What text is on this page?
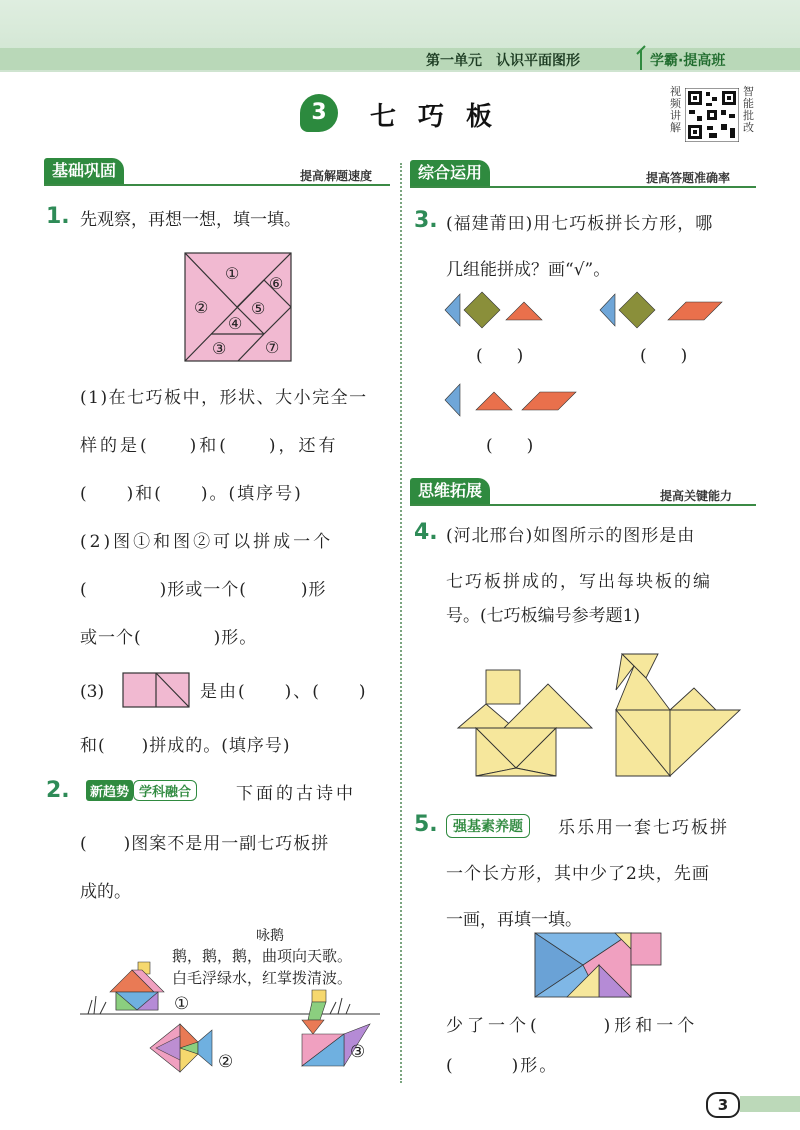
第一单元　认识平面图形	学霸·提高班
3	七巧板
视频讲解
智能批改
基础巩固	提高解题速度
1. 先观察，再想一想，填一填。
①
②
③
④
⑤
⑥
⑦
(1)在七巧板中，形状、大小完全一
样的是(　　)和(　　)，还有
(　　)和(　　)。(填序号)
(2)图①和图②可以拼成一个
(　　　　)形或一个(　　　)形
或一个(　　　　)形。
(3)	是由(　　)、(　　)
和(　　)拼成的。(填序号)
2.	新趋势 学科融合	下面的古诗中
(　　)图案不是用一副七巧板拼
成的。
咏鹅
鹅，鹅，鹅，曲项向天歌。
白毛浮绿水，红掌拨清波。
①
②	③
综合运用	提高答题准确率
3. (福建莆田)用七巧板拼长方形，哪
几组能拼成？画“√”。
(　　)	(　　)
(　　)
思维拓展	提高关键能力
4. (河北邢台)如图所示的图形是由
七巧板拼成的，写出每块板的编
号。(七巧板编号参考题1)
5.	强基素养题	乐乐用一套七巧板拼
一个长方形，其中少了2块，先画
一画，再填一填。
少了一个(　　　)形和一个
(　　　)形。
3
